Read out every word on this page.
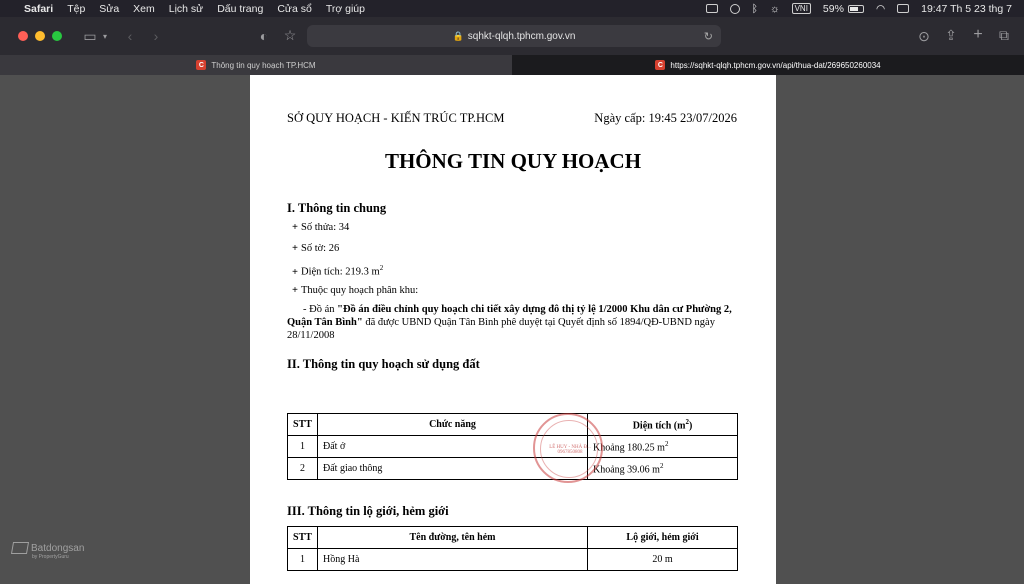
Safari Tệp Sửa Xem Lịch sử Dấu trang Cửa sổ Trợ giúp	ᛒ ☼	VNI 59%	◠	19:47 Th 5 23 thg 7
▭ ▾	‹	›	◐	☆	🔒 sqhkt-qlqh.tphcm.gov.vn	↻	⊙ ⇪	+	⧉
C Thông tin quy hoạch TP.HCM	C https://sqhkt-qlqh.tphcm.gov.vn/api/thua-dat/269650260034
SỞ QUY HOẠCH - KIẾN TRÚC TP.HCM	Ngày cấp: 19:45 23/07/2026
THÔNG TIN QUY HOẠCH
I. Thông tin chung
+ Số thửa: 34
+ Số tờ: 26
+ Diện tích: 219.3 $m^2$
+ Thuộc quy hoạch phân khu:
- Đồ án "Đồ án điều chỉnh quy hoạch chi tiết xây dựng đô thị tỷ lệ 1/2000 Khu dân cư Phường 2, Quận Tân Bình" đã được UBND Quận Tân Bình phê duyệt tại Quyết định số 1894/QĐ-UBND ngày 28/11/2008
II. Thông tin quy hoạch sử dụng đất
STT	Chức năng	Diện tích $(m^2)$
1	Đất ở	Khoảng 180.25 $m^2$
2	Đất giao thông	Khoảng 39.06 $m^2$
LÊ HUY - NHÀ Đ... 0967850808
III. Thông tin lộ giới, hẻm giới
STT	Tên đường, tên hẻm	Lộ giới, hẻm giới
1	Hồng Hà	20 m
Batdongsan
by PropertyGuru
